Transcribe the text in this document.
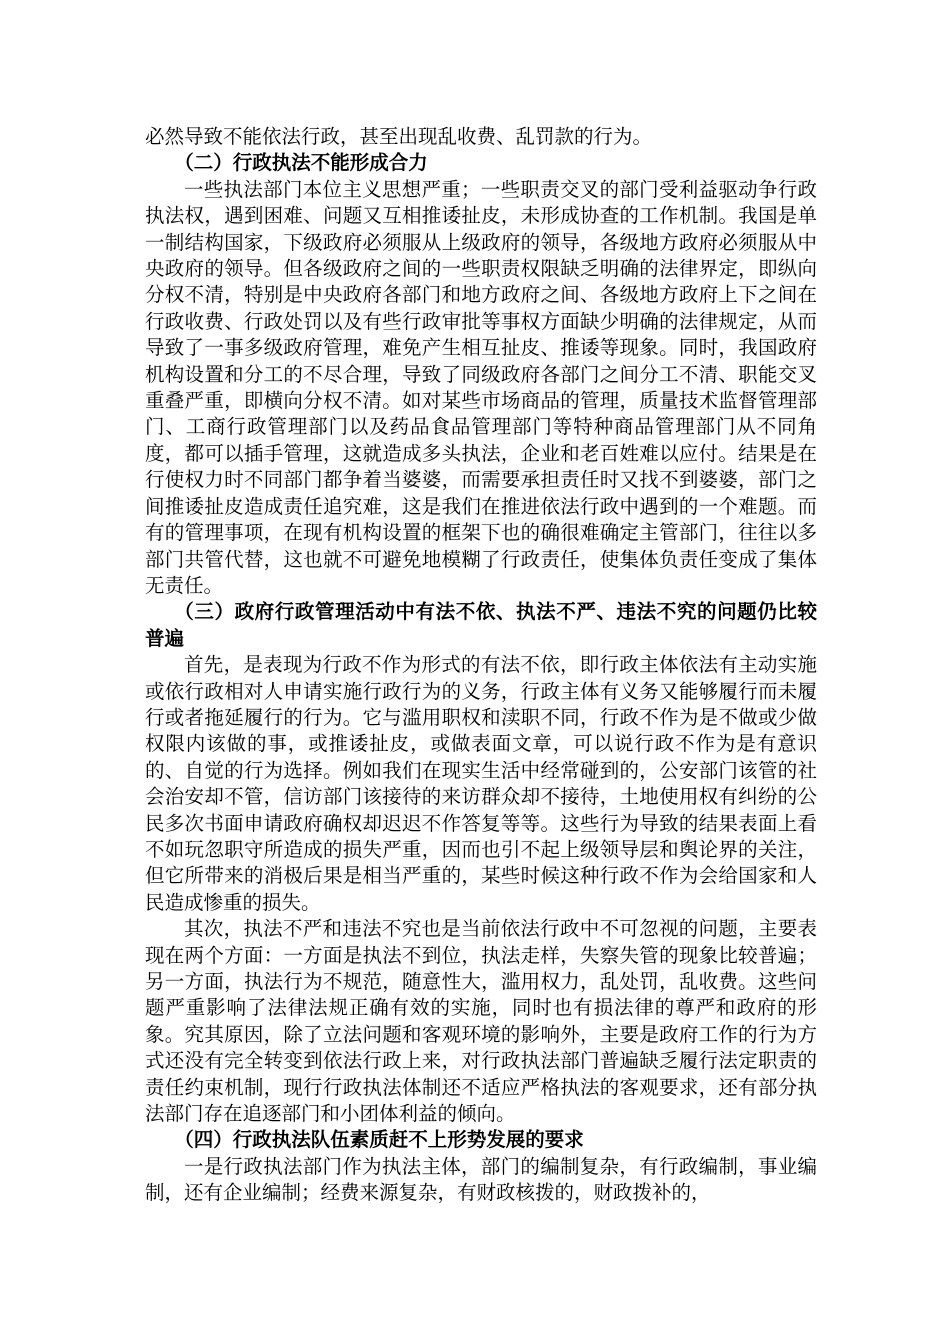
必然导致不能依法行政，甚至出现乱收费、乱罚款的行为。

（二）行政执法不能形成合力

一些执法部门本位主义思想严重；一些职责交叉的部门受利益驱动争行政执法权，遇到困难、问题又互相推诿扯皮，未形成协查的工作机制。我国是单一制结构国家，下级政府必须服从上级政府的领导，各级地方政府必须服从中央政府的领导。但各级政府之间的一些职责权限缺乏明确的法律界定，即纵向分权不清，特别是中央政府各部门和地方政府之间、各级地方政府上下之间在行政收费、行政处罚以及有些行政审批等事权方面缺少明确的法律规定，从而导致了一事多级政府管理，难免产生相互扯皮、推诿等现象。同时，我国政府机构设置和分工的不尽合理，导致了同级政府各部门之间分工不清、职能交叉重叠严重，即横向分权不清。如对某些市场商品的管理，质量技术监督管理部门、工商行政管理部门以及药品食品管理部门等特种商品管理部门从不同角度，都可以插手管理，这就造成多头执法，企业和老百姓难以应付。结果是在行使权力时不同部门都争着当婆婆，而需要承担责任时又找不到婆婆，部门之间推诿扯皮造成责任追究难，这是我们在推进依法行政中遇到的一个难题。而有的管理事项，在现有机构设置的框架下也的确很难确定主管部门，往往以多部门共管代替，这也就不可避免地模糊了行政责任，使集体负责任变成了集体无责任。

（三）政府行政管理活动中有法不依、执法不严、违法不究的问题仍比较普遍

首先，是表现为行政不作为形式的有法不依，即行政主体依法有主动实施或依行政相对人申请实施行政行为的义务，行政主体有义务又能够履行而未履行或者拖延履行的行为。它与滥用职权和渎职不同，行政不作为是不做或少做权限内该做的事，或推诿扯皮，或做表面文章，可以说行政不作为是有意识的、自觉的行为选择。例如我们在现实生活中经常碰到的，公安部门该管的社会治安却不管，信访部门该接待的来访群众却不接待，土地使用权有纠纷的公民多次书面申请政府确权却迟迟不作答复等等。这些行为导致的结果表面上看不如玩忽职守所造成的损失严重，因而也引不起上级领导层和舆论界的关注，但它所带来的消极后果是相当严重的，某些时候这种行政不作为会给国家和人民造成惨重的损失。

其次，执法不严和违法不究也是当前依法行政中不可忽视的问题，主要表现在两个方面：一方面是执法不到位，执法走样，失察失管的现象比较普遍；另一方面，执法行为不规范，随意性大，滥用权力，乱处罚，乱收费。这些问题严重影响了法律法规正确有效的实施，同时也有损法律的尊严和政府的形象。究其原因，除了立法问题和客观环境的影响外，主要是政府工作的行为方式还没有完全转变到依法行政上来，对行政执法部门普遍缺乏履行法定职责的责任约束机制，现行行政执法体制还不适应严格执法的客观要求，还有部分执法部门存在追逐部门和小团体利益的倾向。

（四）行政执法队伍素质赶不上形势发展的要求

一是行政执法部门作为执法主体，部门的编制复杂，有行政编制，事业编制，还有企业编制；经费来源复杂，有财政核拨的，财政拨补的，
